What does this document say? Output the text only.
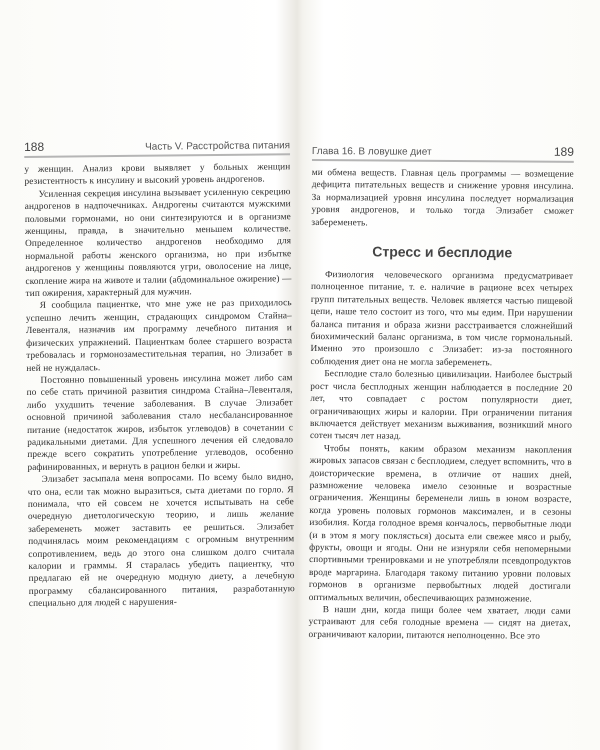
188	Часть V. Расстройства питания

у женщин. Анализ крови выявляет у больных женщин резистентность к инсулину и высокий уровень андрогенов.

Усиленная секреция инсулина вызывает усиленную секрецию андрогенов в надпочечниках. Андрогены считаются мужскими половыми гормонами, но они синтезируются и в организме женщины, правда, в значительно меньшем количестве. Определенное количество андрогенов необходимо для нормальной работы женского организма, но при избытке андрогенов у женщины появляются угри, оволосение на лице, скопление жира на животе и талии (абдоминальное ожирение) — тип ожирения, характерный для мужчин.

Я сообщила пациентке, что мне уже не раз приходилось успешно лечить женщин, страдающих синдромом Стайна–Левенталя, назначив им программу лечебного питания и физических упражнений. Пациенткам более старшего возраста требовалась и гормонозаместительная терапия, но Элизабет в ней не нуждалась.

Постоянно повышенный уровень инсулина может либо сам по себе стать причиной развития синдрома Стайна–Левенталя, либо ухудшить течение заболевания. В случае Элизабет основной причиной заболевания стало несбалансированное питание (недостаток жиров, избыток углеводов) в сочетании с радикальными диетами. Для успешного лечения ей следовало прежде всего сократить употребление углеводов, особенно рафинированных, и вернуть в рацион белки и жиры.

Элизабет засыпала меня вопросами. По всему было видно, что она, если так можно выразиться, сыта диетами по горло. Я понимала, что ей совсем не хочется испытывать на себе очередную диетологическую теорию, и лишь желание забеременеть может заставить ее решиться. Элизабет подчинялась моим рекомендациям с огромным внутренним сопротивлением, ведь до этого она слишком долго считала калории и граммы. Я старалась убедить пациентку, что предлагаю ей не очередную модную диету, а лечебную программу сбалансированного питания, разработанную специально для людей с нарушения-

Глава 16. В ловушке диет	189

ми обмена веществ. Главная цель программы — возмещение дефицита питательных веществ и снижение уровня инсулина. За нормализацией уровня инсулина последует нормализация уровня андрогенов, и только тогда Элизабет сможет забеременеть.

Стресс и бесплодие

Физиология человеческого организма предусматривает полноценное питание, т. е. наличие в рационе всех четырех групп питательных веществ. Человек является частью пищевой цепи, наше тело состоит из того, что мы едим. При нарушении баланса питания и образа жизни расстраивается сложнейший биохимический баланс организма, в том числе гормональный. Именно это произошло с Элизабет: из-за постоянного соблюдения диет она не могла забеременеть.

Бесплодие стало болезнью цивилизации. Наиболее быстрый рост числа бесплодных женщин наблюдается в последние 20 лет, что совпадает с ростом популярности диет, ограничивающих жиры и калории. При ограничении питания включается действует механизм выживания, возникший много сотен тысяч лет назад.

Чтобы понять, каким образом механизм накопления жировых запасов связан с бесплодием, следует вспомнить, что в доисторические времена, в отличие от наших дней, размножение человека имело сезонные и возрастные ограничения. Женщины беременели лишь в юном возрасте, когда уровень половых гормонов максимален, и в сезоны изобилия. Когда голодное время кончалось, первобытные люди (и в этом я могу поклясться) досыта ели свежее мясо и рыбу, фрукты, овощи и ягоды. Они не изнуряли себя непомерными спортивными тренировками и не употребляли псевдопродуктов вроде маргарина. Благодаря такому питанию уровни половых гормонов в организме первобытных людей достигали оптимальных величин, обеспечивающих размножение.

В наши дни, когда пищи более чем хватает, люди сами устраивают для себя голодные времена — сидят на диетах, ограничивают калории, питаются неполноценно. Все это
